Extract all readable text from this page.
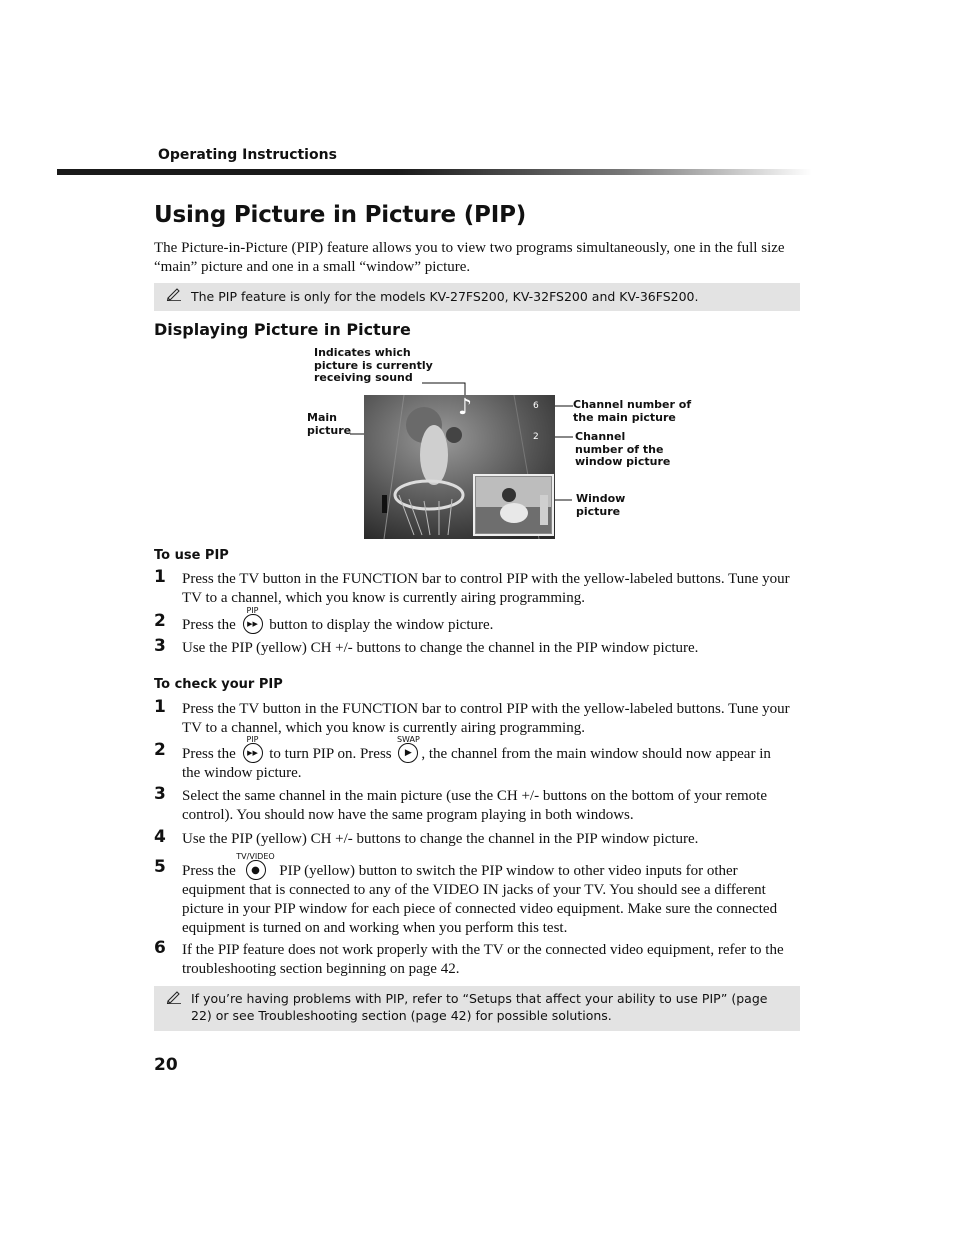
Operating Instructions
Using Picture in Picture (PIP)
The Picture-in-Picture (PIP) feature allows you to view two programs simultaneously, one in the full size “main” picture and one in a small “window” picture.
The PIP feature is only for the models KV-27FS200, KV-32FS200 and KV-36FS200.
Displaying Picture in Picture
Indicates which picture is currently receiving sound
Main picture
Channel number of the main picture
Channel number of the window picture
Window picture
♪	6
2
To use PIP
1 Press the TV button in the FUNCTION bar to control PIP with the yellow-labeled buttons. Tune your TV to a channel, which you know is currently airing programming.
2 Press the
PIP
▶▶ button to display the window picture.
3 Use the PIP (yellow) CH +/- buttons to change the channel in the PIP window picture.
To check your PIP
1 Press the TV button in the FUNCTION bar to control PIP with the yellow-labeled buttons. Tune your TV to a channel, which you know is currently airing programming.
2 Press the
PIP
▶▶ to turn PIP on. Press
SWAP
▶ , the channel from the main window should now appear in
the window picture.
3 Select the same channel in the main picture (use the CH +/- buttons on the bottom of your remote control). You should now have the same program playing in both windows.
4 Use the PIP (yellow) CH +/- buttons to change the channel in the PIP window picture.
5 Press the
TV/VIDEO
●	PIP (yellow) button to switch the PIP window to other video inputs for other equipment that is connected to any of the VIDEO IN jacks of your TV. You should see a different picture in your PIP window for each piece of connected video equipment. Make sure the connected equipment is turned on and working when you perform this test.
6 If the PIP feature does not work properly with the TV or the connected video equipment, refer to the troubleshooting section beginning on page 42.
If you’re having problems with PIP, refer to “Setups that affect your ability to use PIP” (page 22) or see Troubleshooting section (page 42) for possible solutions.
20
